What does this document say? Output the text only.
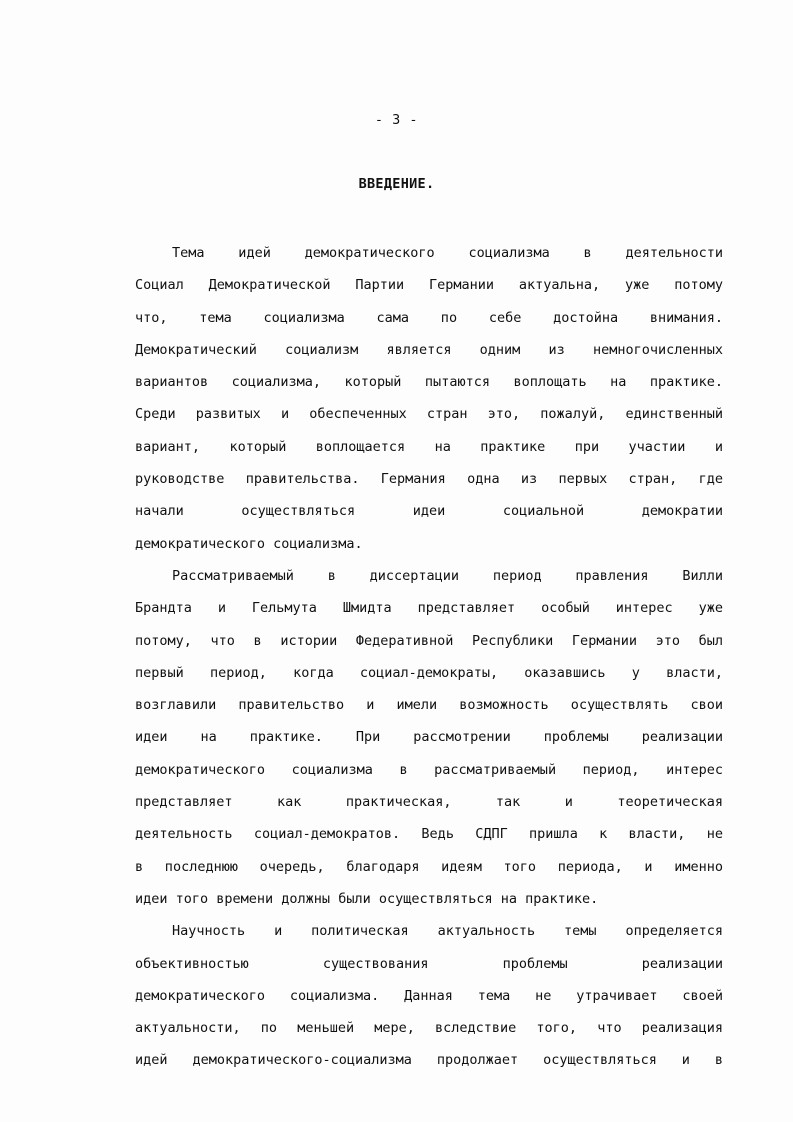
- 3 -
ВВЕДЕНИЕ.
Тема идей демократического социализма в деятельности
Социал Демократической Партии Германии актуальна, уже потому
что, тема социализма сама по себе достойна внимания.
Демократический социализм является одним из немногочисленных
вариантов социализма, который пытаются воплощать на практике.
Среди развитых и обеспеченных стран это, пожалуй, единственный
вариант, который воплощается на практике при участии и
руководстве правительства. Германия одна из первых стран, где
начали осуществляться идеи социальной демократии
демократического социализма.
Рассматриваемый в диссертации период правления Вилли
Брандта и Гельмута Шмидта представляет особый интерес уже
потому, что в истории Федеративной Республики Германии это был
первый период, когда социал-демократы, оказавшись у власти,
возглавили правительство и имели возможность осуществлять свои
идеи на практике. При рассмотрении проблемы реализации
демократического социализма в рассматриваемый период, интерес
представляет как практическая, так и теоретическая
деятельность социал-демократов. Ведь СДПГ пришла к власти, не
в последнюю очередь, благодаря идеям того периода, и именно
идеи того времени должны были осуществляться на практике.
Научность и политическая актуальность темы определяется
объективностью существования проблемы реализации
демократического социализма. Данная тема не утрачивает своей
актуальности, по меньшей мере, вследствие того, что реализация
идей демократического-социализма продолжает осуществляться и в
